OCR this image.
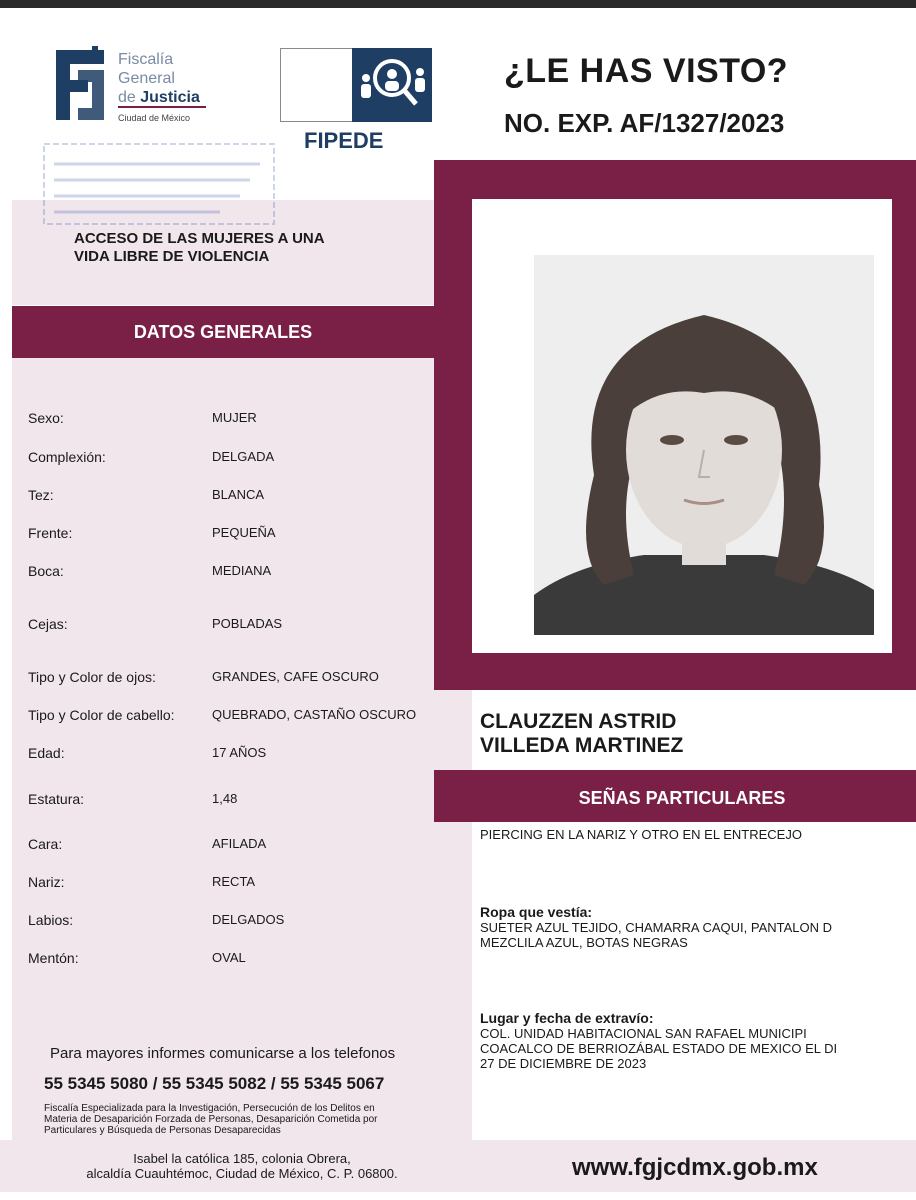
Fiscalía
General
de Justicia
Ciudad de México
FIPEDE
¿LE HAS VISTO?
NO. EXP. AF/1327/2023
ACCESO DE LAS MUJERES A UNA VIDA LIBRE DE VIOLENCIA
DATOS GENERALES
Sexo:	MUJER
Complexión:	DELGADA
Tez:	BLANCA
Frente:	PEQUEÑA
Boca:	MEDIANA
Cejas:	POBLADAS
Tipo y Color de ojos:	GRANDES, CAFE OSCURO
Tipo y Color de cabello:	QUEBRADO, CASTAÑO OSCURO
Edad:	17 AÑOS
Estatura:	1,48
Cara:	AFILADA
Nariz:	RECTA
Labios:	DELGADOS
Mentón:	OVAL
Para mayores informes comunicarse a los telefonos
55 5345 5080 / 55 5345 5082 / 55 5345 5067
Fiscalía Especializada para la Investigación, Persecución de los Delitos en
Materia de Desaparición Forzada de Personas, Desaparición Cometida por
Particulares y Búsqueda de Personas Desaparecidas
Isabel la católica 185, colonia Obrera,
alcaldía Cuauhtémoc, Ciudad de México, C. P. 06800.	www.fgjcdmx.gob.mx
CLAUZZEN ASTRID
VILLEDA MARTINEZ
SEÑAS PARTICULARES
PIERCING EN LA NARIZ Y OTRO EN EL ENTRECEJO
Ropa que vestía:
SUETER AZUL TEJIDO, CHAMARRA CAQUI, PANTALON D
MEZCLILA AZUL, BOTAS NEGRAS
Lugar y fecha de extravío:
COL. UNIDAD HABITACIONAL SAN RAFAEL MUNICIPI
COACALCO DE BERRIOZÁBAL ESTADO DE MEXICO EL DI
27 DE DICIEMBRE DE 2023
